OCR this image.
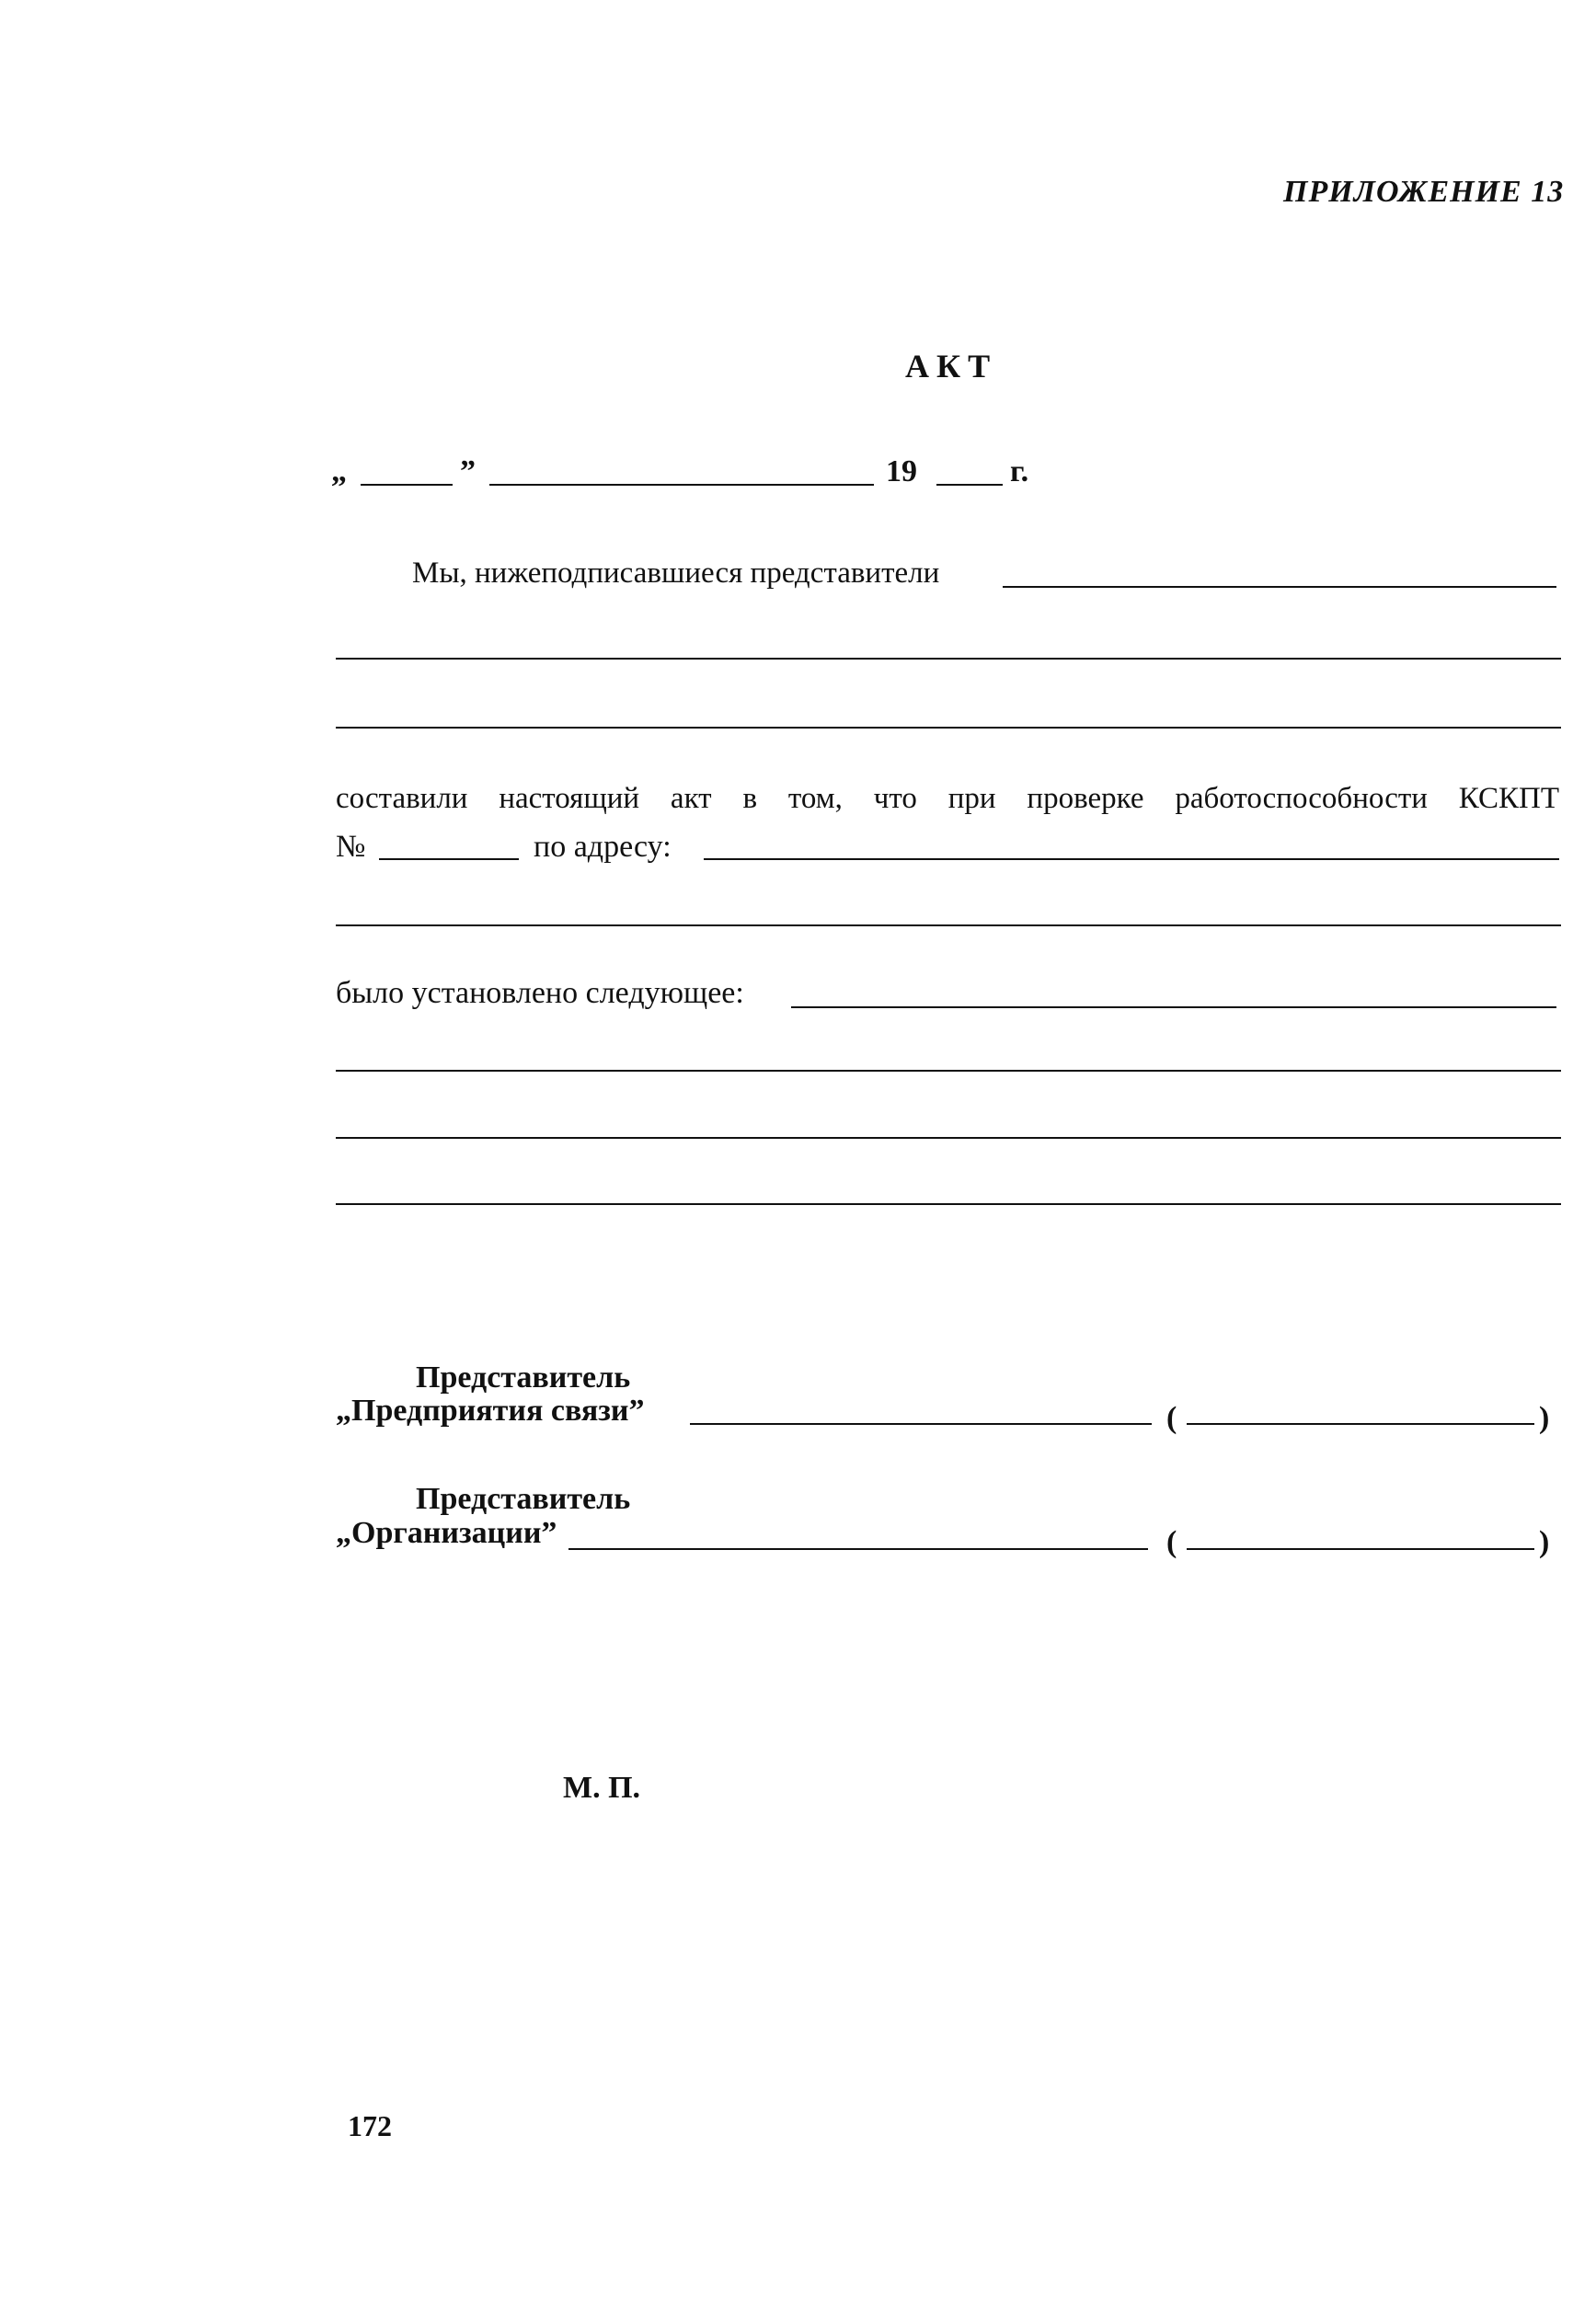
ПРИЛОЖЕНИЕ 13
АКТ
„	”	19	г.
Мы, нижеподписавшиеся представители
составили настоящий акт в том, что при проверке работоспособности КСКПТ
№	по адресу:
было установлено следующее:
Представитель
„Предприятия связи”	(	)
Представитель
„Организации”	(	)
М. П.
172
